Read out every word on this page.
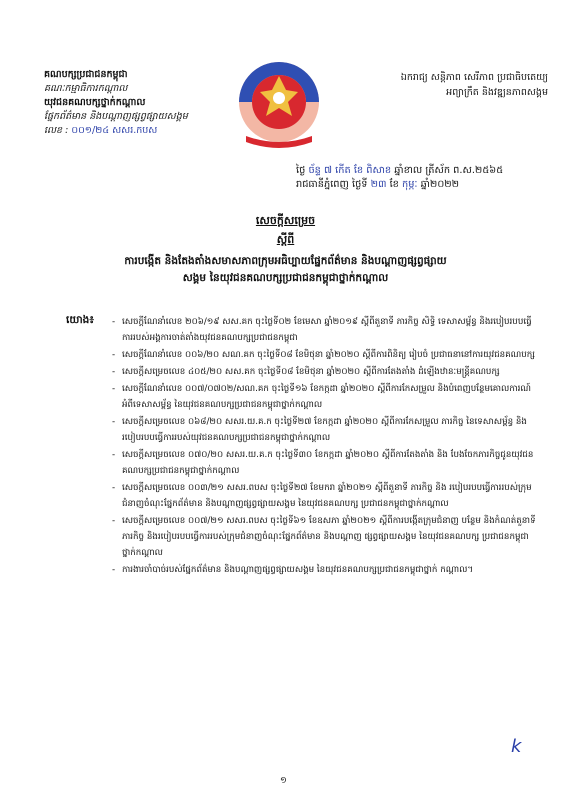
គណបក្សប្រជាជនកម្ពុជា
គណៈកម្មាធិការកណ្តាល
យុវជនគណបក្សថ្នាក់កណ្តាល
ផ្នែកព័ត៌មាន និងបណ្តាញផ្សព្វផ្សាយសង្គម
លេខ : ០០១/២៤ សសរ.កបស
ឯករាជ្យ សន្តិភាព សេរីភាព ប្រជាធិបតេយ្យ
អព្យាក្រឹត និងវឌ្ឍនភាពសង្គម
ថ្ងៃ ច័ន្ទ ៧ កើត ខែ ពិសាខ ឆ្នាំខាល ត្រីស័ក ព.ស.២៥៦៥
រាជធានីភ្នំពេញ ថ្ងៃទី ២៣ ខែ កុម្ភៈ ឆ្នាំ២០២២
សេចក្តីសម្រេច
ស្តីពី
ការបង្កើត និងតែងតាំងសមាសភាពក្រុមអធិប្បាយផ្នែកព័ត៌មាន និងបណ្តាញផ្សព្វផ្សាយ
សង្គម នៃយុវជនគណបក្សប្រជាជនកម្ពុជាថ្នាក់កណ្តាល
យោង៖
-	សេចក្តីណែនាំលេខ ២០៦/១៩ សស.គក ចុះថ្ងៃទី០២ ខែមេសា ឆ្នាំ២០១៩ ស្តីពីតួនាទី ភារកិច្ច សិទ្ធិ ទេសាសម្ព័ន្ធ និងរបៀបរបបធ្វើការរបស់អង្គការចាត់តាំងយុវជនគណបក្សប្រជាជនកម្ពុជា
- សេចក្តីណែនាំលេខ ០០៦/២០ សណ.គក ចុះថ្ងៃទី០៨ ខែមិថុនា ឆ្នាំ២០២០ ស្តីពីការពិនិត្យ រៀបចំ ប្រជាធនានៅការយុវជនគណបក្ស
- សេចក្តីសម្រេចលេខ ៤០៥/២០ សស.គក ចុះថ្ងៃទី០៨ ខែមិថុនា ឆ្នាំ២០២០ ស្តីពីការតែងតាំង ដំឡើងឋានៈមន្ត្រីគណបក្ស
- សេចក្តីណែនាំលេខ ០០៧/០៧០២/សណ.គក ចុះថ្ងៃទី១៦ ខែកក្កដា ឆ្នាំ២០២០ ស្តីពីការកែសម្រួល និងបំពេញបន្ថែមគោលការណ៍អំពីទេសាសម្ព័ន្ធ នៃយុវជនគណបក្សប្រជាជនកម្ពុជាថ្នាក់កណ្តាល
- សេចក្តីសម្រេចលេខ ០៦៨/២០ សសរ.យ.គ.ក ចុះថ្ងៃទី២៧ ខែកក្កដា ឆ្នាំ២០២០ ស្តីពីការកែសម្រួល ភារកិច្ច នៃទេសាសម្ព័ន្ធ និងរបៀបរបបធ្វើការរបស់យុវជនគណបក្សប្រជាជនកម្ពុជាថ្នាក់កណ្តាល
- សេចក្តីសម្រេចលេខ ០៧០/២០ សសរ.យ.គ.ក ចុះថ្ងៃទី៣០ ខែកក្កដា ឆ្នាំ២០២០ ស្តីពីការតែងតាំង និង បែងចែកភារកិច្ចជូនយុវជនគណបក្សប្រជាជនកម្ពុជាថ្នាក់កណ្តាល
- សេចក្តីសម្រេចលេខ ០០៣/២១ សសរ.ពបស ចុះថ្ងៃទី២៧ ខែមករា ឆ្នាំ២០២១ ស្តីពីតួនាទី ភារកិច្ច និង របៀបរបបធ្វើការរបស់ក្រុមជំនាញចំណុះផ្នែកព័ត៌មាន និងបណ្តាញផ្សព្វផ្សាយសង្គម នៃយុវជនគណបក្ស ប្រជាជនកម្ពុជាថ្នាក់កណ្តាល
- សេចក្តីសម្រេចលេខ ០០៧/២១ សសរ.ពបស ចុះថ្ងៃទី៦១ ខែឧសភា ឆ្នាំ២០២១ ស្តីពីការបង្កើតក្រុមជំនាញ បន្ថែម និងកំណត់តួនាទី ភារកិច្ច និងរបៀបរបបធ្វើការរបស់ក្រុមជំនាញចំណុះផ្នែកព័ត៌មាន និងបណ្តាញ ផ្សព្វផ្សាយសង្គម នៃយុវជនគណបក្ស ប្រជាជនកម្ពុជាថ្នាក់កណ្តាល
- ការងារចាំបាច់របស់ផ្នែកព័ត៌មាន និងបណ្តាញផ្សព្វផ្សាយសង្គម នៃយុវជនគណបក្សប្រជាជនកម្ពុជាថ្នាក់ កណ្តាល។
k
១
